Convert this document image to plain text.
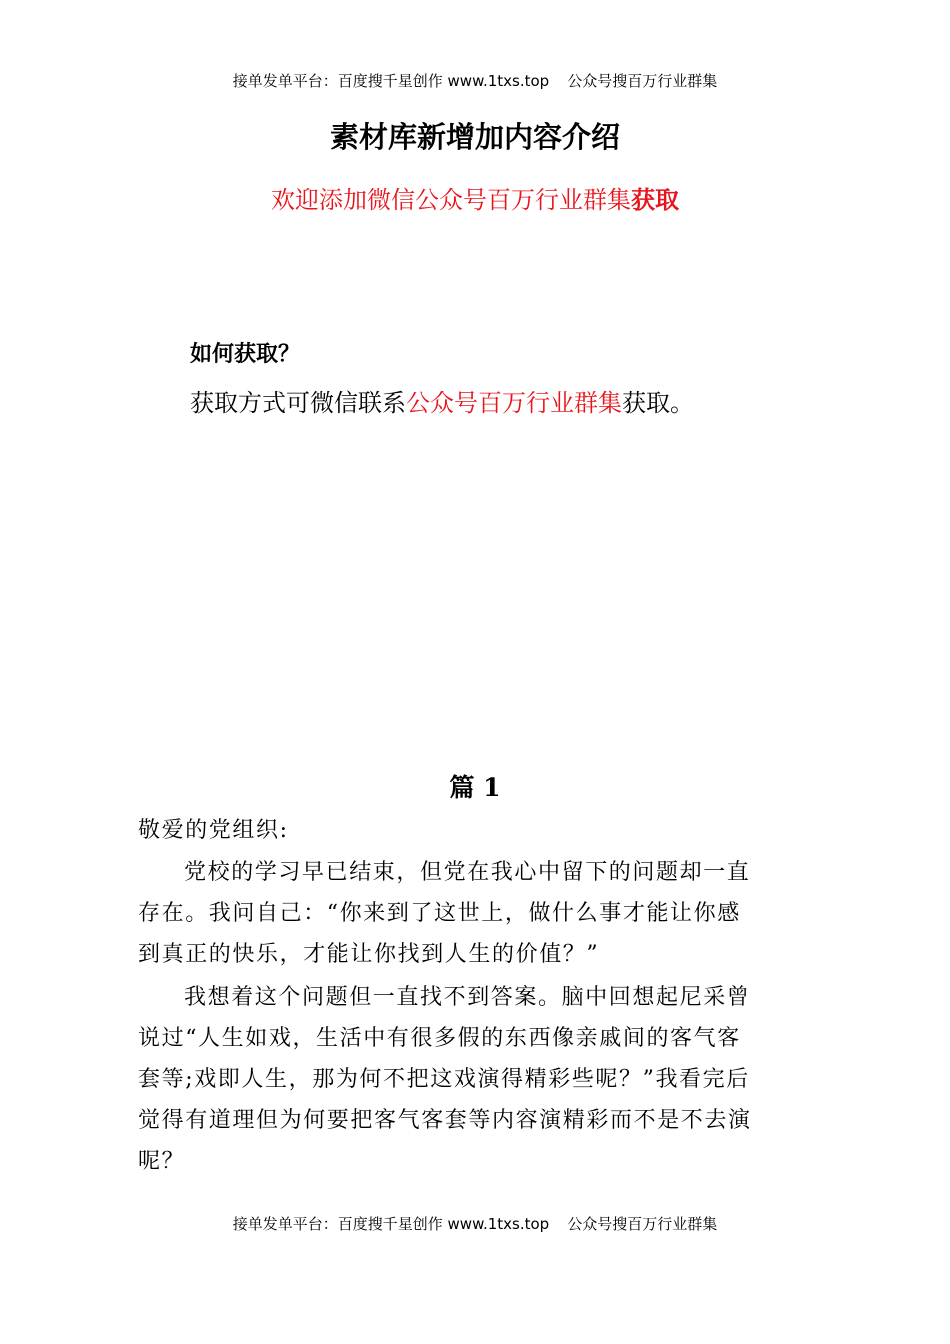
接单发单平台：百度搜千星创作 www.1txs.top 公众号搜百万行业群集
素材库新增加内容介绍
欢迎添加微信公众号百万行业群集获取
如何获取？
获取方式可微信联系公众号百万行业群集获取。
篇 1
敬爱的党组织:
党校的学习早已结束，但党在我心中留下的问题却一直
存在。我问自己：“你来到了这世上，做什么事才能让你感
到真正的快乐，才能让你找到人生的价值？”
我想着这个问题但一直找不到答案。脑中回想起尼采曾
说过“人生如戏，生活中有很多假的东西像亲戚间的客气客
套等;戏即人生，那为何不把这戏演得精彩些呢？”我看完后
觉得有道理但为何要把客气客套等内容演精彩而不是不去演
呢？
接单发单平台：百度搜千星创作 www.1txs.top 公众号搜百万行业群集
